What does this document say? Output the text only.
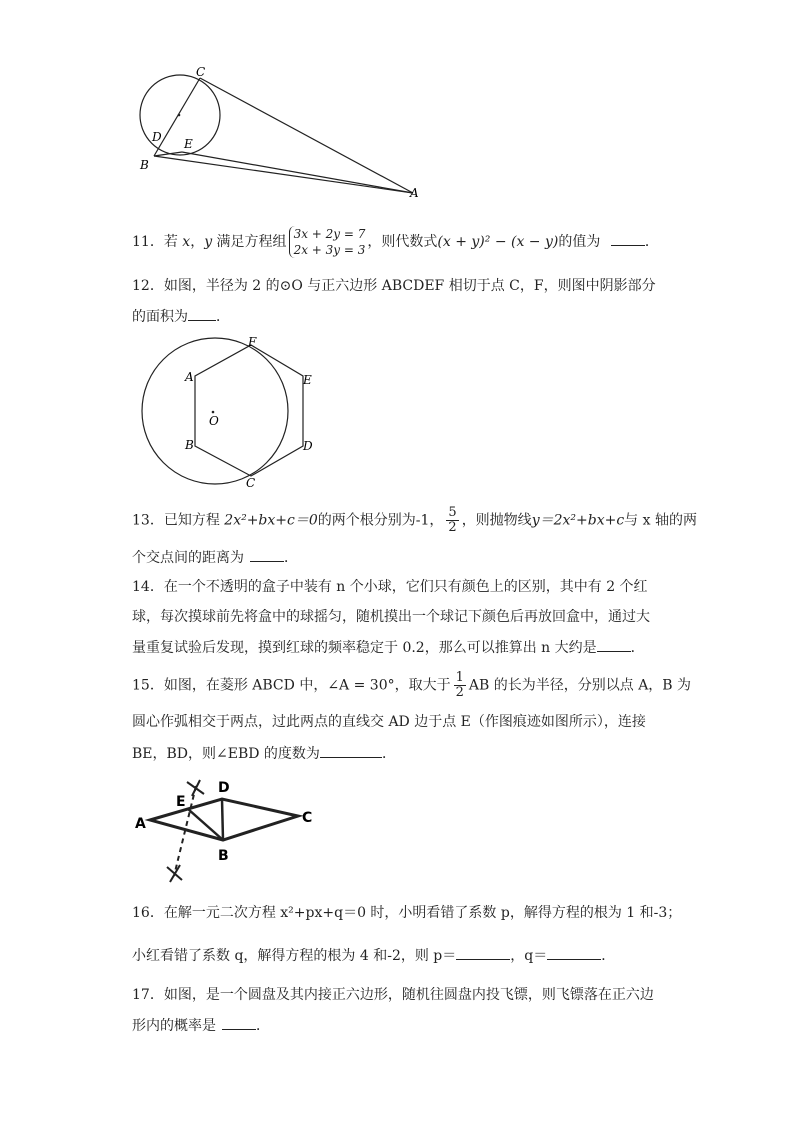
C
D E
B
A
11．若 x，y 满足方程组 3x + 2y = 7
2x + 3y = 3 ，则代数式(x + y)² − (x − y)的值为	．
12．如图，半径为 2 的⊙O 与正六边形 ABCDEF 相切于点 C，F，则图中阴影部分
的面积为 ．
F
A	E
O
B	D
C
13．已知方程 2x²+bx+c＝0的两个根分别为-1， $\frac{5}{2}$ ，则抛物线y＝2x²+bx+c与 x 轴的两
个交点间的距离为	．
14．在一个不透明的盒子中装有 n 个小球，它们只有颜色上的区别，其中有 2 个红
球，每次摸球前先将盒中的球摇匀，随机摸出一个球记下颜色后再放回盒中，通过大
量重复试验后发现，摸到红球的频率稳定于 0.2，那么可以推算出 n 大约是 ．
15．如图，在菱形 ABCD 中，∠A = 30°，取大于 $\frac{1}{2}$ AB 的长为半径，分别以点 A，B 为
圆心作弧相交于两点，过此两点的直线交 AD 边于点 E（作图痕迹如图所示），连接
BE，BD，则∠EBD 的度数为	．
A
E
D
B
C
16．在解一元二次方程 x²+px+q＝0 时，小明看错了系数 p，解得方程的根为 1 和-3；
小红看错了系数 q，解得方程的根为 4 和-2，则 p＝	，q＝	．
17．如图，是一个圆盘及其内接正六边形，随机往圆盘内投飞镖，则飞镖落在正六边
形内的概率是	．
